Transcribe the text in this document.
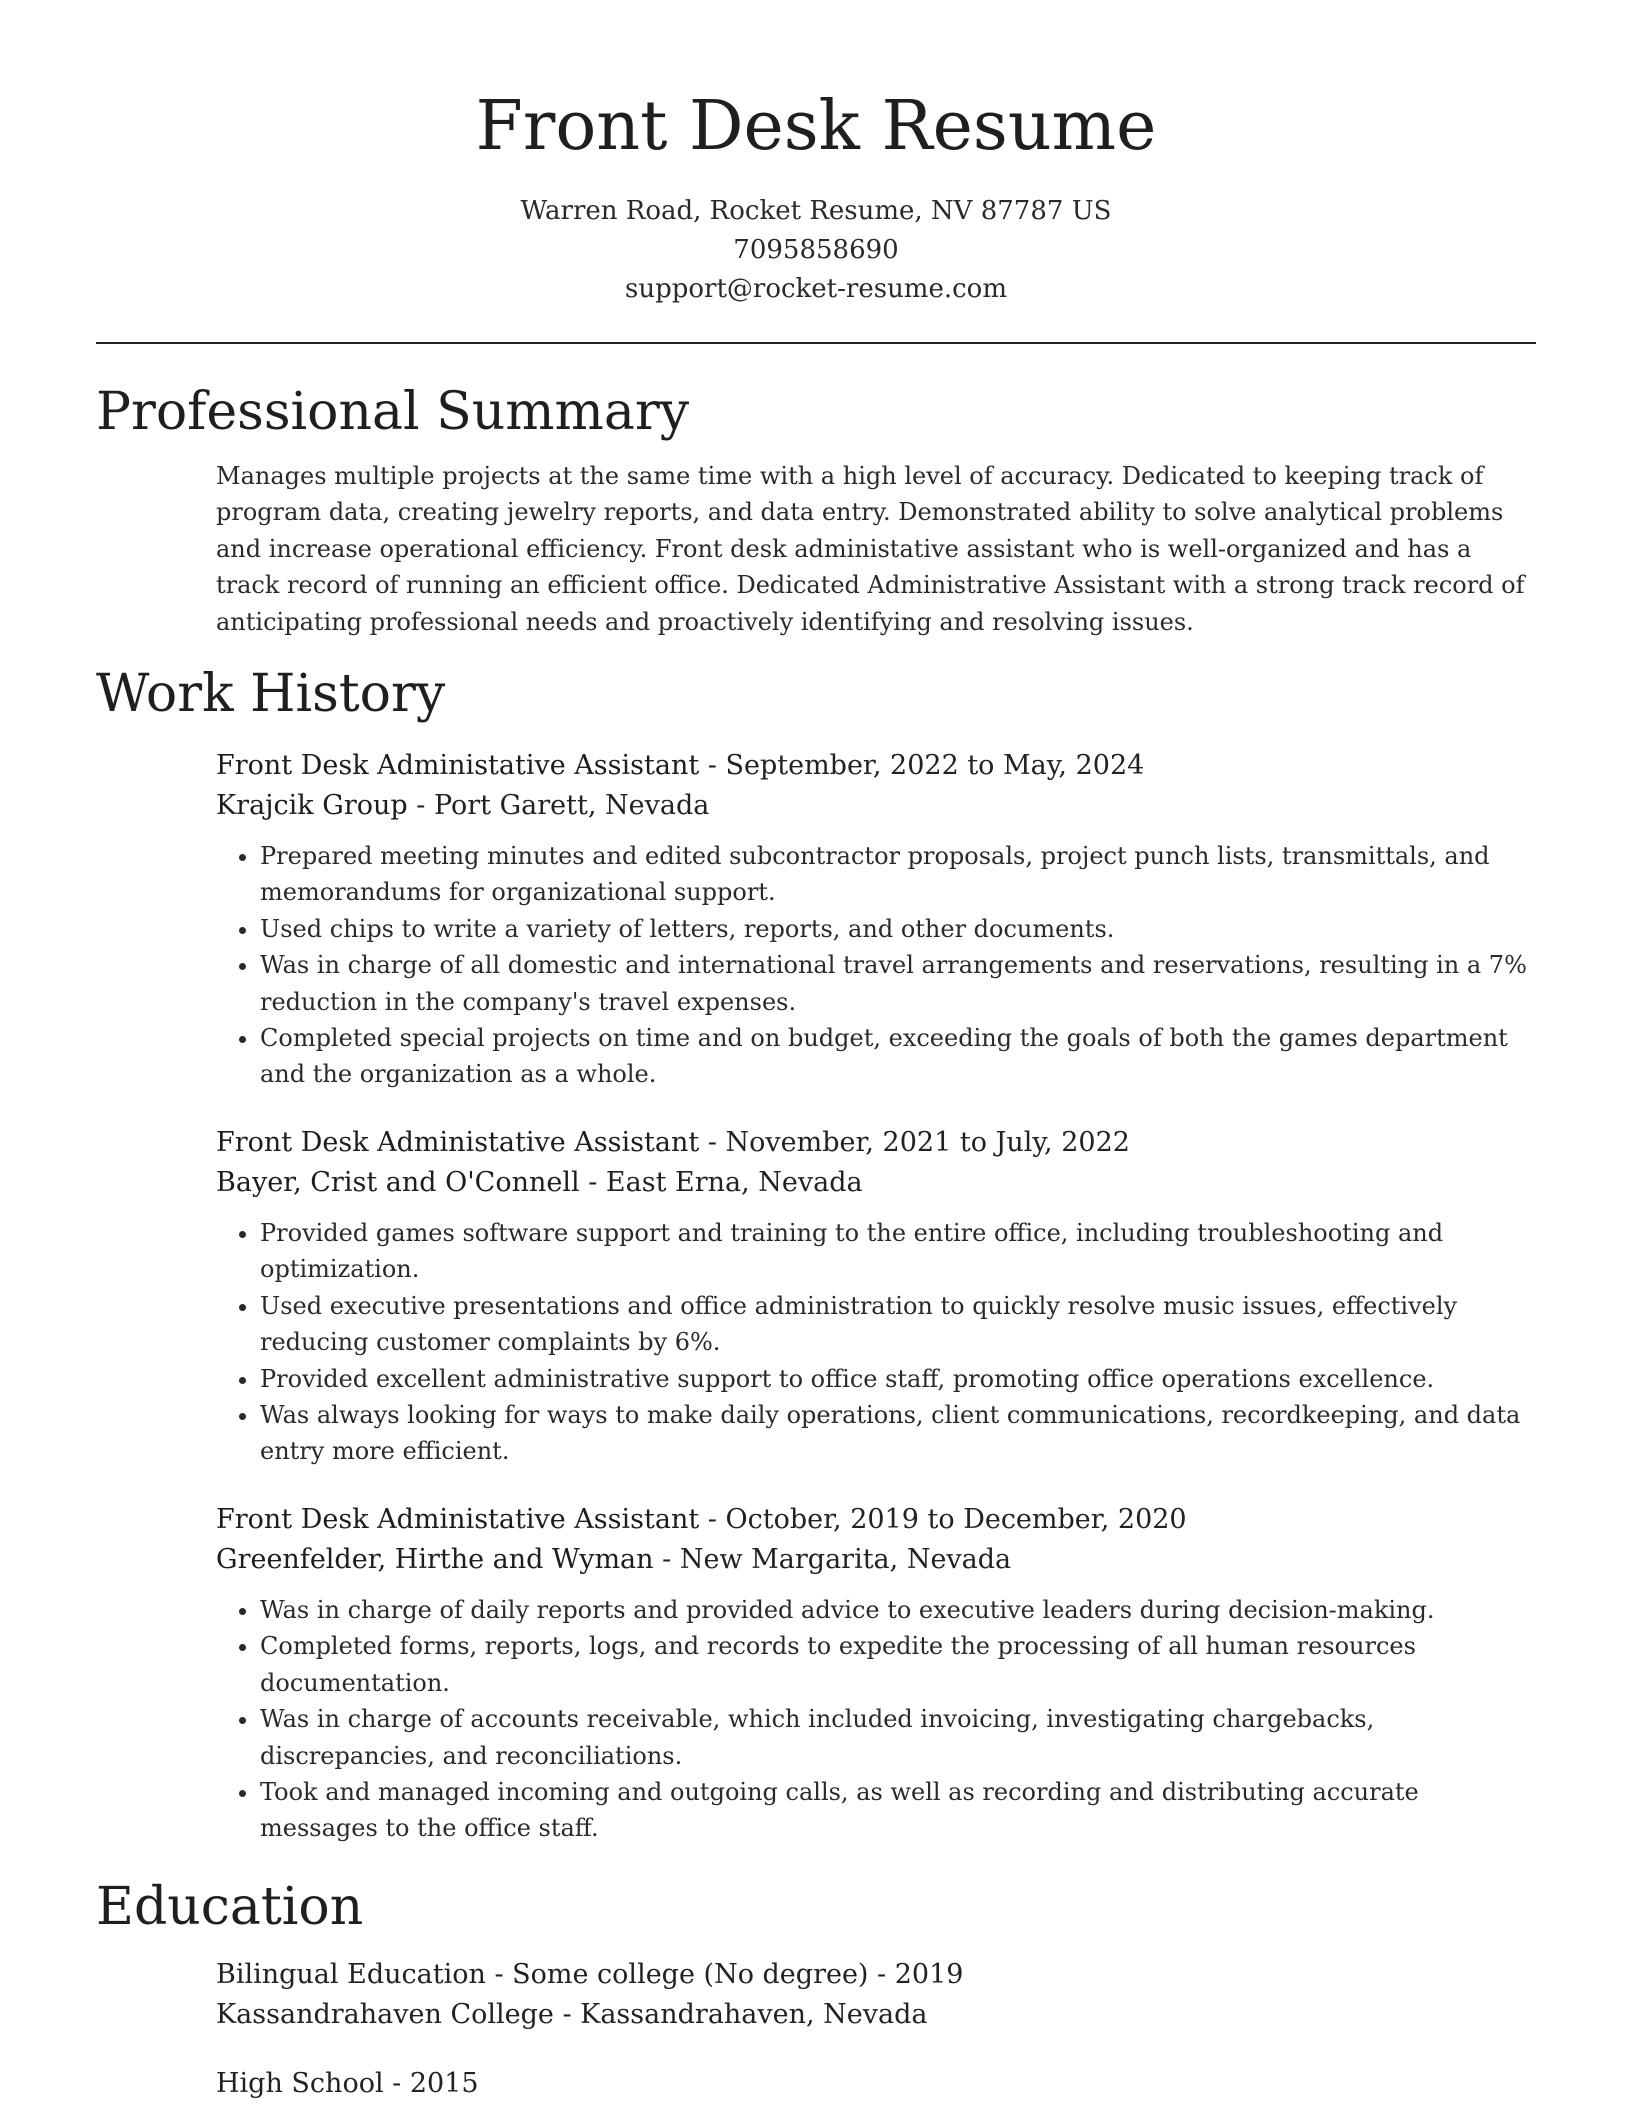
Front Desk Resume
Warren Road, Rocket Resume, NV 87787 US
7095858690
support@rocket-resume.com
Professional Summary

Manages multiple projects at the same time with a high level of accuracy. Dedicated to keeping track of program data, creating jewelry reports, and data entry. Demonstrated ability to solve analytical problems and increase operational efficiency. Front desk administative assistant who is well-organized and has a track record of running an efficient office. Dedicated Administrative Assistant with a strong track record of anticipating professional needs and proactively identifying and resolving issues.

Work History
Front Desk Administative Assistant - September, 2022 to May, 2024
Krajcik Group - Port Garett, Nevada
• Prepared meeting minutes and edited subcontractor proposals, project punch lists, transmittals, and memorandums for organizational support.
• Used chips to write a variety of letters, reports, and other documents.
• Was in charge of all domestic and international travel arrangements and reservations, resulting in a 7% reduction in the company's travel expenses.
• Completed special projects on time and on budget, exceeding the goals of both the games department and the organization as a whole.
Front Desk Administative Assistant - November, 2021 to July, 2022
Bayer, Crist and O'Connell - East Erna, Nevada
• Provided games software support and training to the entire office, including troubleshooting and optimization.
• Used executive presentations and office administration to quickly resolve music issues, effectively reducing customer complaints by 6%.
• Provided excellent administrative support to office staff, promoting office operations excellence.
• Was always looking for ways to make daily operations, client communications, recordkeeping, and data entry more efficient.
Front Desk Administative Assistant - October, 2019 to December, 2020
Greenfelder, Hirthe and Wyman - New Margarita, Nevada
• Was in charge of daily reports and provided advice to executive leaders during decision-making.
• Completed forms, reports, logs, and records to expedite the processing of all human resources documentation.
• Was in charge of accounts receivable, which included invoicing, investigating chargebacks, discrepancies, and reconciliations.
• Took and managed incoming and outgoing calls, as well as recording and distributing accurate messages to the office staff.
Education
Bilingual Education - Some college (No degree) - 2019
Kassandrahaven College - Kassandrahaven, Nevada
High School - 2015
